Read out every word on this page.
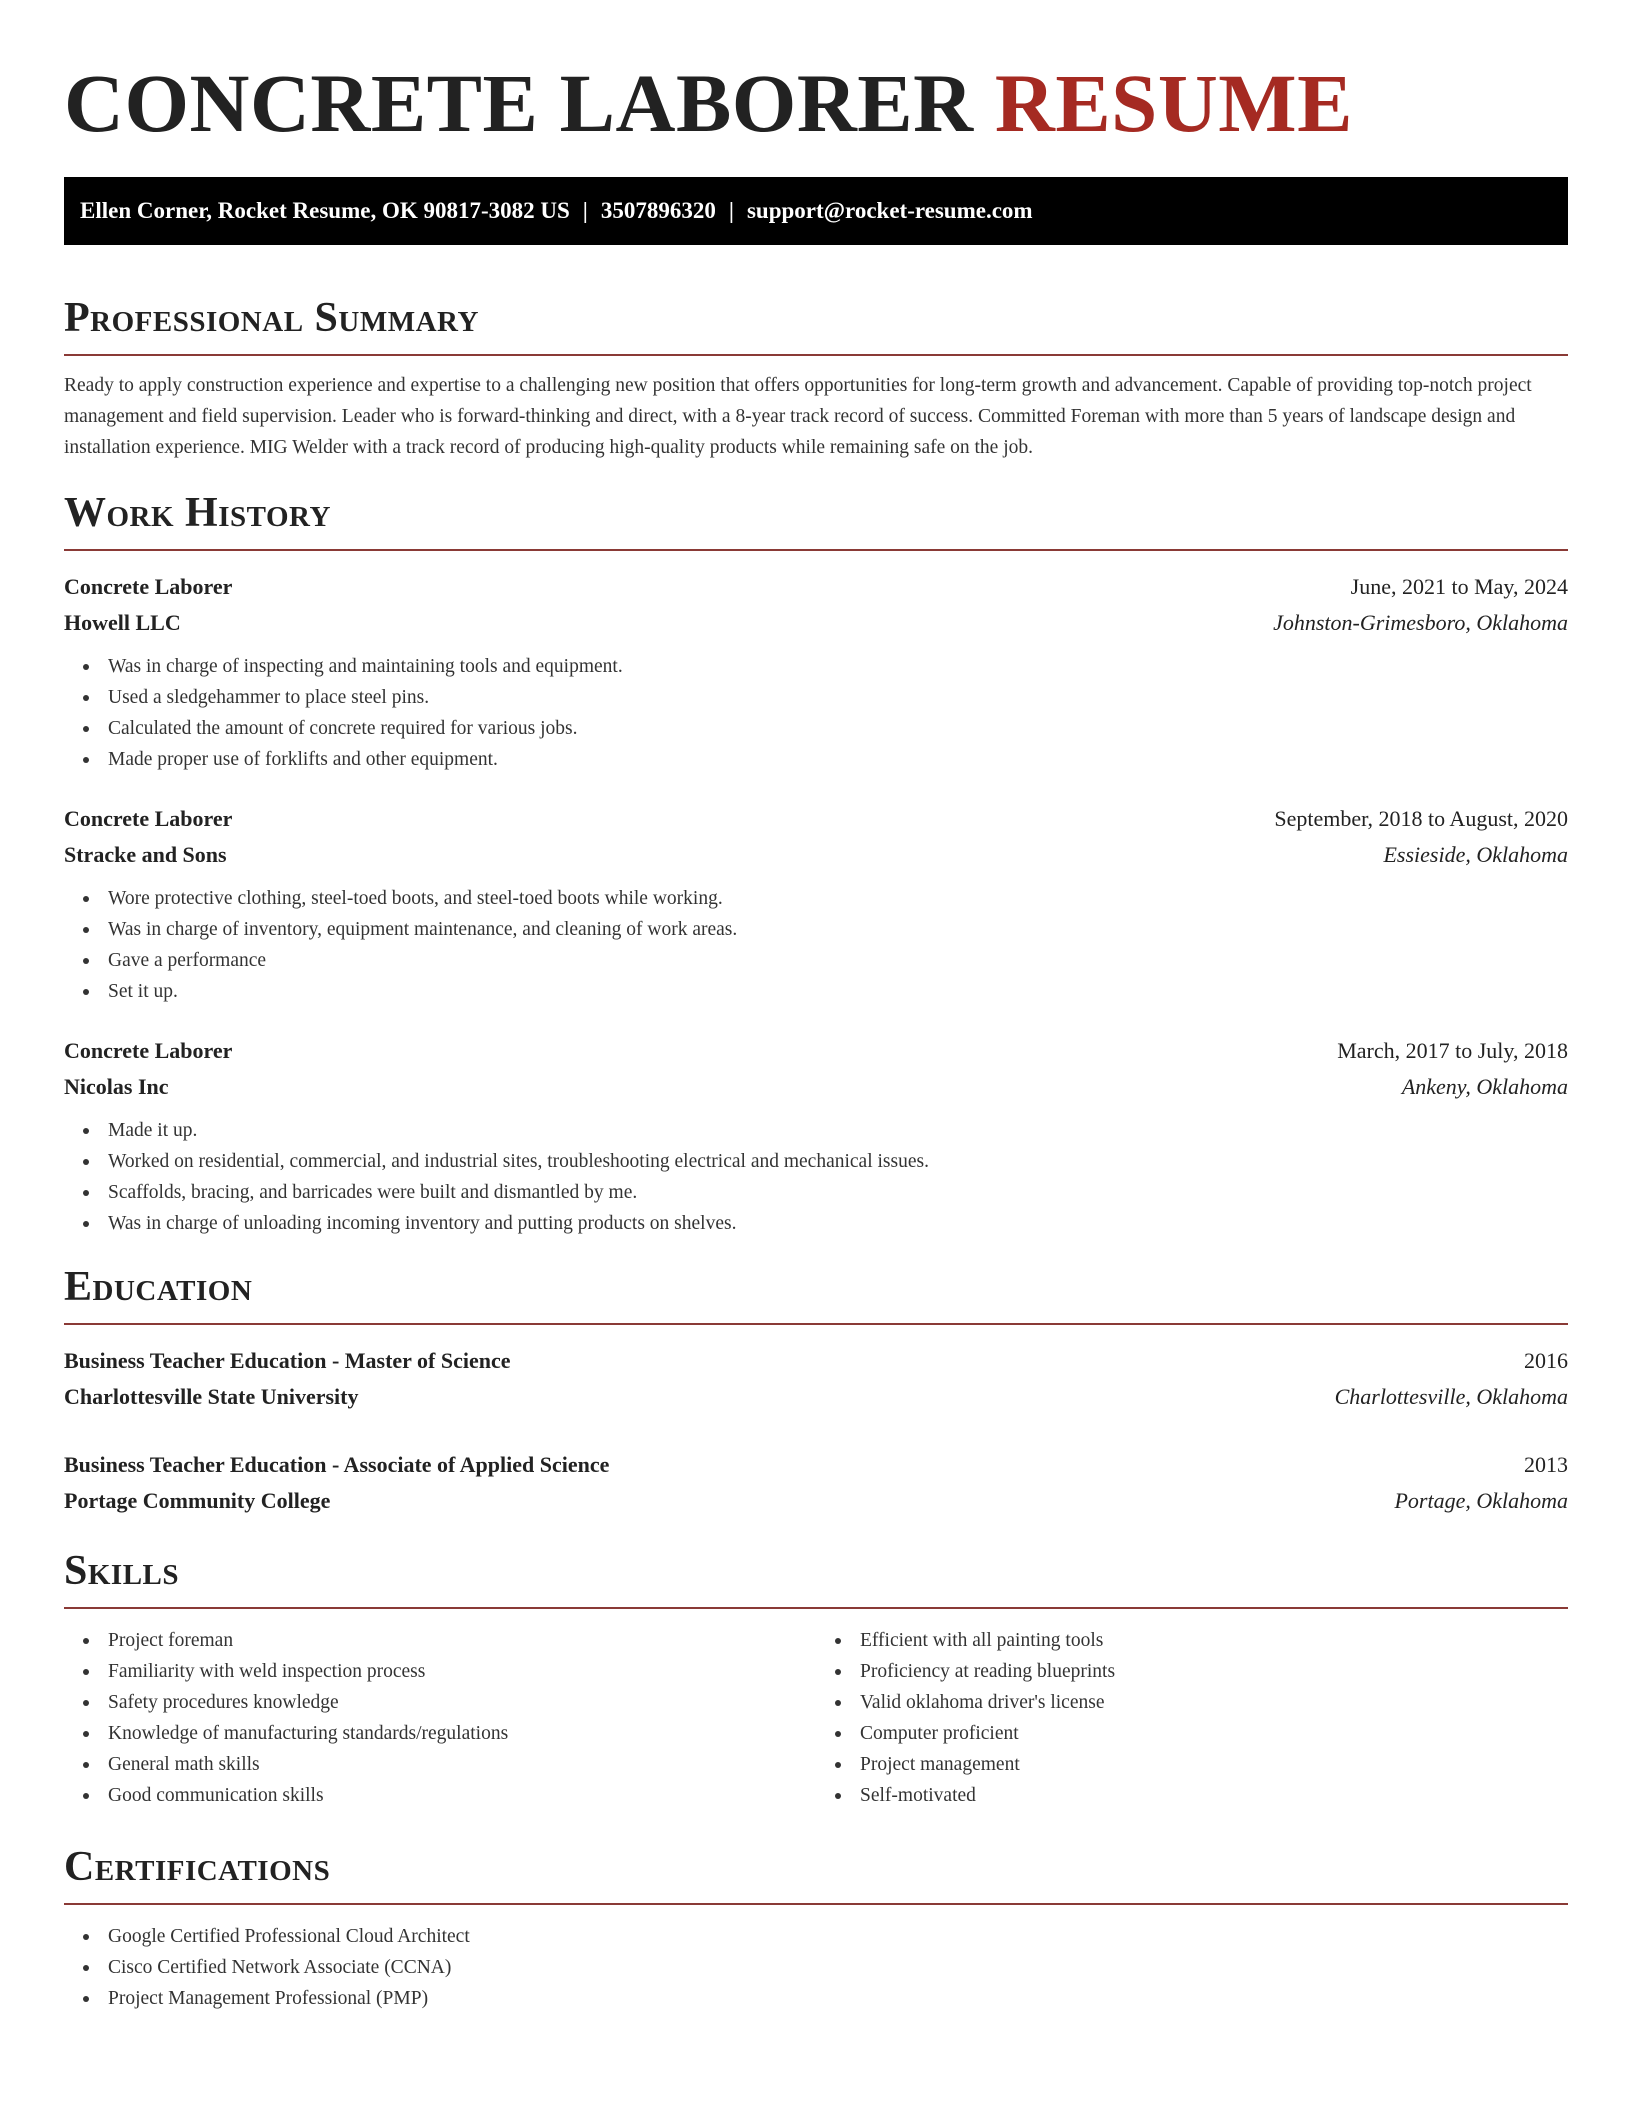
CONCRETE LABORER RESUME
Ellen Corner, Rocket Resume, OK 90817-3082 US | 3507896320 | support@rocket-resume.com
Professional Summary

Ready to apply construction experience and expertise to a challenging new position that offers opportunities for long-term growth and advancement. Capable of providing top-notch project management and field supervision. Leader who is forward-thinking and direct, with a 8-year track record of success. Committed Foreman with more than 5 years of landscape design and installation experience. MIG Welder with a track record of producing high-quality products while remaining safe on the job.

Work History
Concrete Laborer	June, 2021 to May, 2024
Howell LLC	Johnston-Grimesboro, Oklahoma
Was in charge of inspecting and maintaining tools and equipment.
Used a sledgehammer to place steel pins.
Calculated the amount of concrete required for various jobs.
Made proper use of forklifts and other equipment.
Concrete Laborer	September, 2018 to August, 2020
Stracke and Sons	Essieside, Oklahoma
Wore protective clothing, steel-toed boots, and steel-toed boots while working.
Was in charge of inventory, equipment maintenance, and cleaning of work areas.
Gave a performance
Set it up.
Concrete Laborer	March, 2017 to July, 2018
Nicolas Inc	Ankeny, Oklahoma
Made it up.
Worked on residential, commercial, and industrial sites, troubleshooting electrical and mechanical issues.
Scaffolds, bracing, and barricades were built and dismantled by me.
Was in charge of unloading incoming inventory and putting products on shelves.
Education
Business Teacher Education - Master of Science	2016
Charlottesville State University	Charlottesville, Oklahoma
Business Teacher Education - Associate of Applied Science	2013
Portage Community College	Portage, Oklahoma
Skills
Project foreman
Familiarity with weld inspection process
Safety procedures knowledge
Knowledge of manufacturing standards/regulations
General math skills
Good communication skills
Efficient with all painting tools
Proficiency at reading blueprints
Valid oklahoma driver's license
Computer proficient
Project management
Self-motivated
Certifications
Google Certified Professional Cloud Architect
Cisco Certified Network Associate (CCNA)
Project Management Professional (PMP)
